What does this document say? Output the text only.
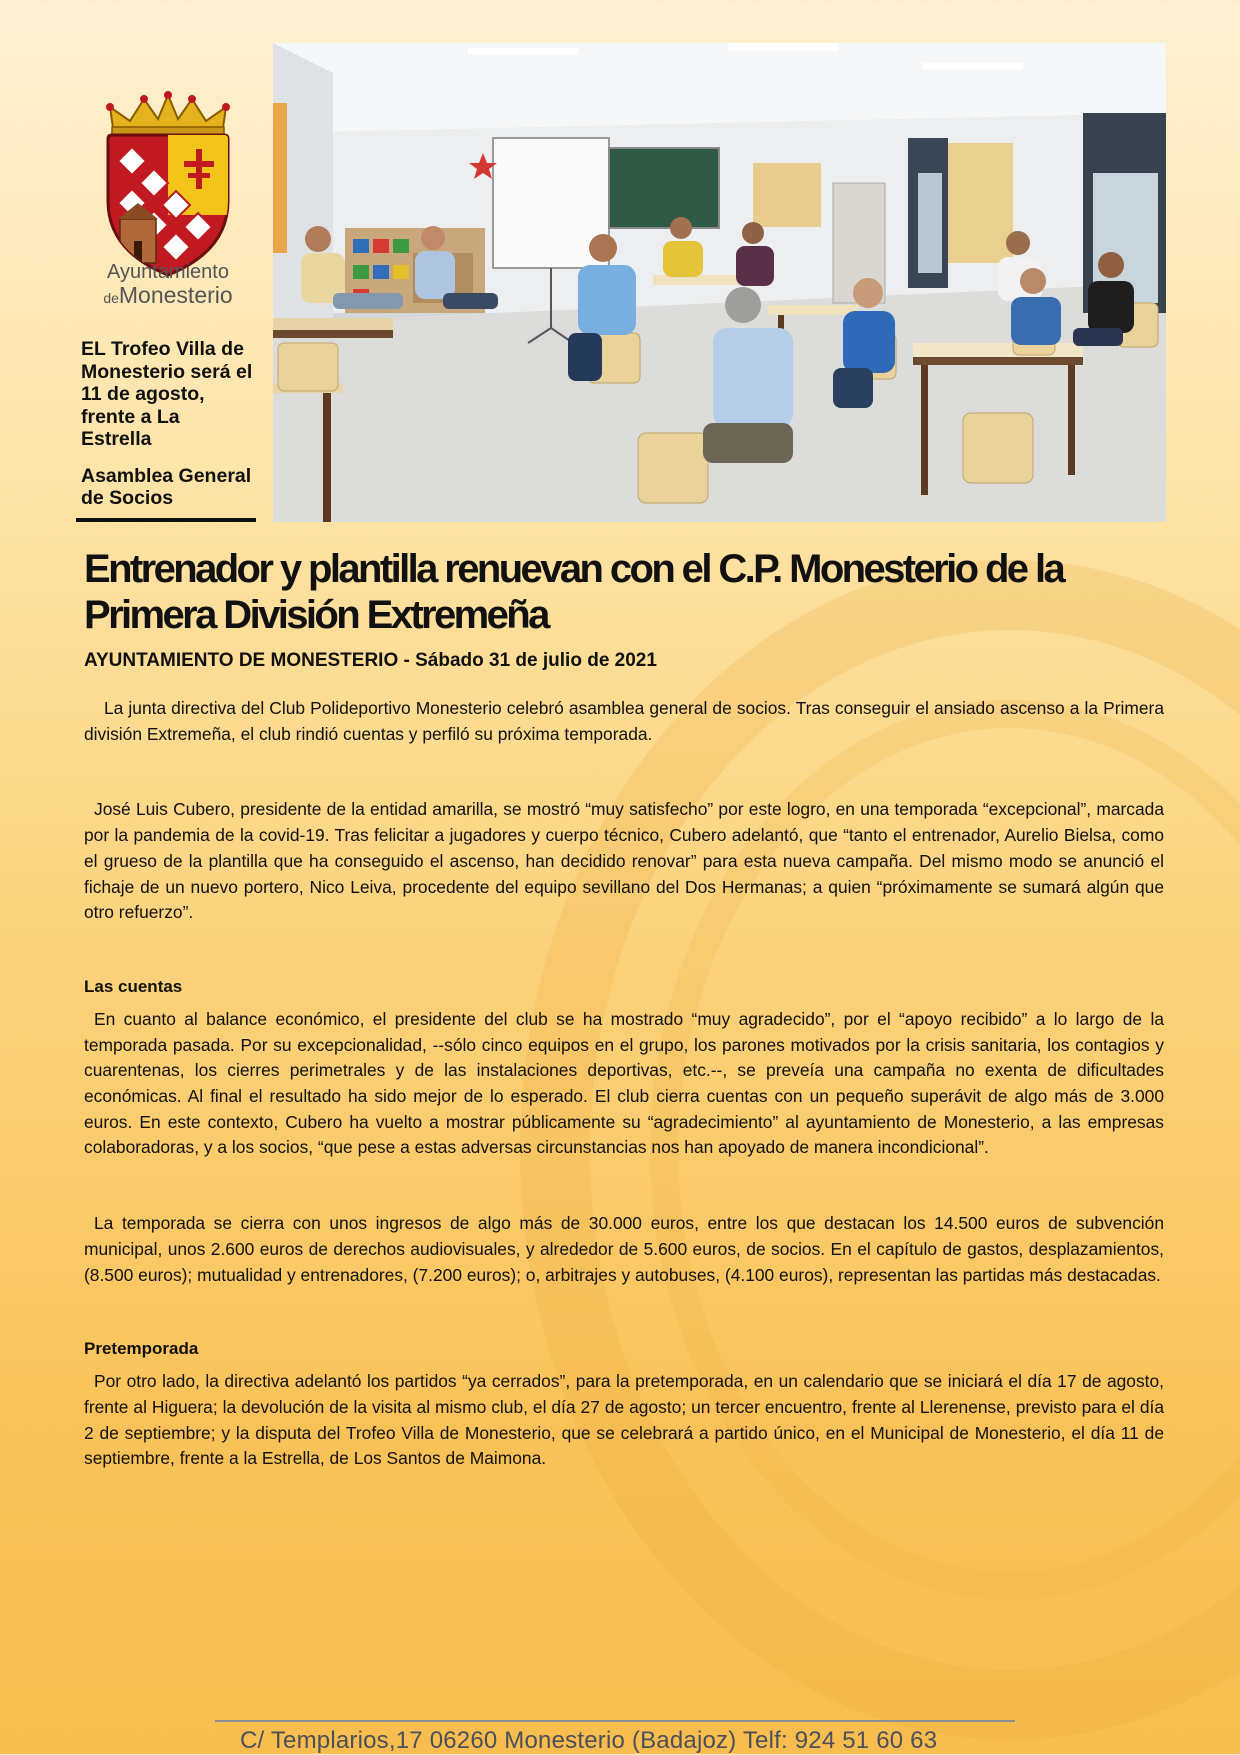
Ayuntamiento
deMonesterio

EL Trofeo Villa de Monesterio será el 11 de agosto, frente a La Estrella

Asamblea General de Socios

Entrenador y plantilla renuevan con el C.P. Monesterio de la Primera División Extremeña

AYUNTAMIENTO DE MONESTERIO - Sábado 31 de julio de 2021

La junta directiva del Club Polideportivo Monesterio celebró asamblea general de socios. Tras conseguir el ansiado ascenso a la Primera división Extremeña, el club rindió cuentas y perfiló su próxima temporada.

José Luis Cubero, presidente de la entidad amarilla, se mostró “muy satisfecho” por este logro, en una temporada “excepcional”, marcada por la pandemia de la covid-19. Tras felicitar a jugadores y cuerpo técnico, Cubero adelantó, que “tanto el entrenador, Aurelio Bielsa, como el grueso de la plantilla que ha conseguido el ascenso, han decidido renovar” para esta nueva campaña. Del mismo modo se anunció el fichaje de un nuevo portero, Nico Leiva, procedente del equipo sevillano del Dos Hermanas; a quien “próximamente se sumará algún que otro refuerzo”.

Las cuentas

En cuanto al balance económico, el presidente del club se ha mostrado “muy agradecido”, por el “apoyo recibido” a lo largo de la temporada pasada. Por su excepcionalidad, --sólo cinco equipos en el grupo, los parones motivados por la crisis sanitaria, los contagios y cuarentenas, los cierres perimetrales y de las instalaciones deportivas, etc.--, se preveía una campaña no exenta de dificultades económicas. Al final el resultado ha sido mejor de lo esperado. El club cierra cuentas con un pequeño superávit de algo más de 3.000 euros. En este contexto, Cubero ha vuelto a mostrar públicamente su “agradecimiento” al ayuntamiento de Monesterio, a las empresas colaboradoras, y a los socios, “que pese a estas adversas circunstancias nos han apoyado de manera incondicional”.

La temporada se cierra con unos ingresos de algo más de 30.000 euros, entre los que destacan los 14.500 euros de subvención municipal, unos 2.600 euros de derechos audiovisuales, y alrededor de 5.600 euros, de socios. En el capítulo de gastos, desplazamientos, (8.500 euros); mutualidad y entrenadores, (7.200 euros); o, arbitrajes y autobuses, (4.100 euros), representan las partidas más destacadas.

Pretemporada

Por otro lado, la directiva adelantó los partidos “ya cerrados”, para la pretemporada, en un calendario que se iniciará el día 17 de agosto, frente al Higuera; la devolución de la visita al mismo club, el día 27 de agosto; un tercer encuentro, frente al Llerenense, previsto para el día 2 de septiembre; y la disputa del Trofeo Villa de Monesterio, que se celebrará a partido único, en el Municipal de Monesterio, el día 11 de septiembre, frente a la Estrella, de Los Santos de Maimona.

C/ Templarios,17 06260 Monesterio (Badajoz) Telf: 924 51 60 63
